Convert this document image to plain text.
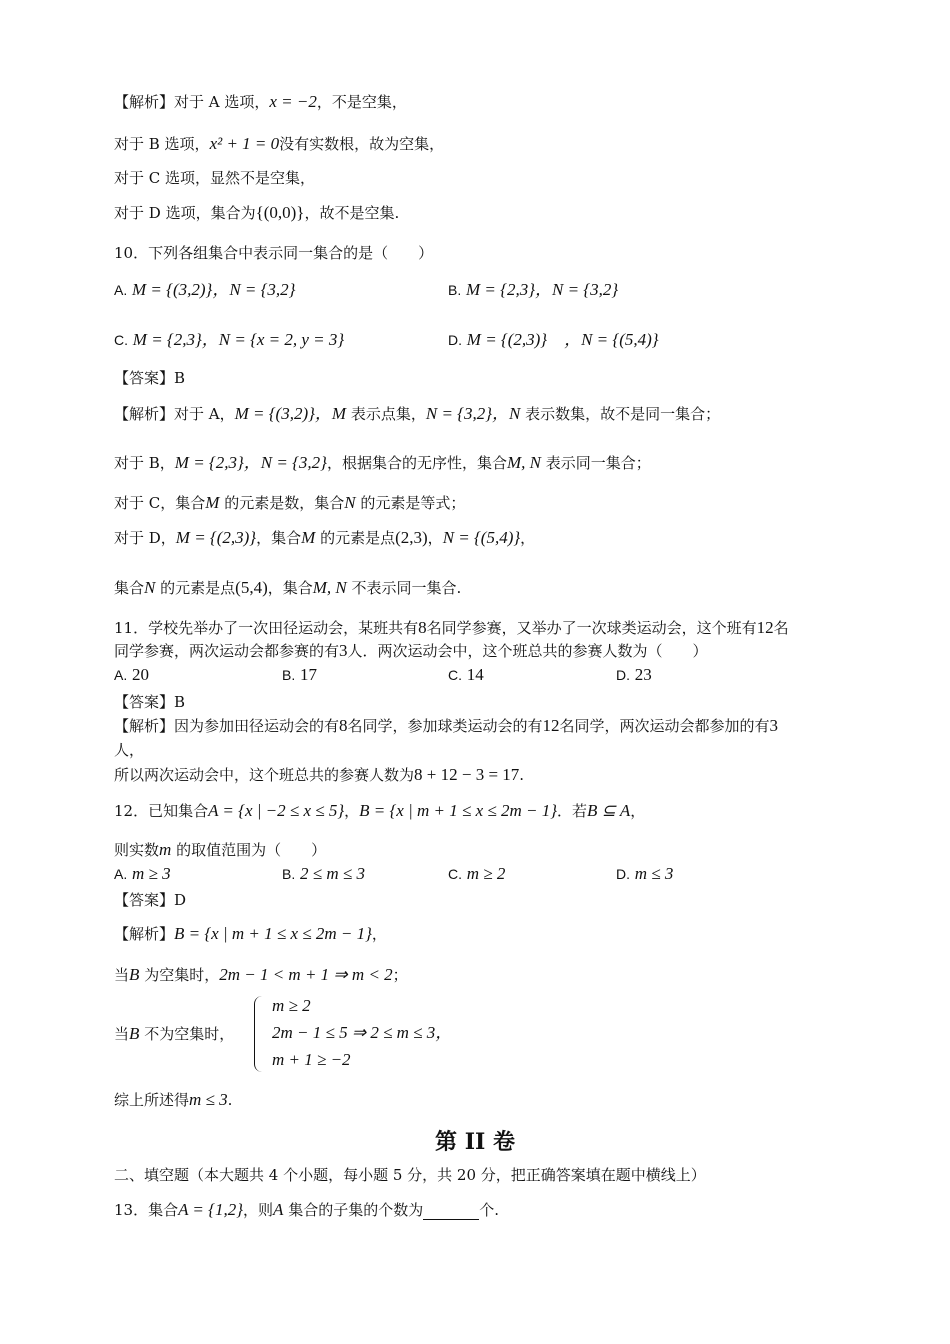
【解析】对于 A 选项，x = −2，不是空集，
对于 B 选项，x² + 1 = 0没有实数根，故为空集，
对于 C 选项，显然不是空集，
对于 D 选项，集合为{(0,0)}，故不是空集.
10．下列各组集合中表示同一集合的是（　　）
A. M = {(3,2)}，N = {3,2}	B. M = {2,3}，N = {3,2}
C. M = {2,3}，N = {x = 2, y = 3}	D. M = {(2,3)}　，N = {(5,4)}
【答案】B
【解析】对于 A，M = {(3,2)}，M 表示点集，N = {3,2}，N 表示数集，故不是同一集合；
对于 B，M = {2,3}，N = {3,2}，根据集合的无序性，集合M, N 表示同一集合；
对于 C，集合M 的元素是数，集合N 的元素是等式；
对于 D，M = {(2,3)}，集合M 的元素是点(2,3)，N = {(5,4)}，
集合N 的元素是点(5,4)，集合M, N 不表示同一集合.
11．学校先举办了一次田径运动会，某班共有8名同学参赛，又举办了一次球类运动会，这个班有12名
同学参赛，两次运动会都参赛的有3人．两次运动会中，这个班总共的参赛人数为（　　）
A. 20	B. 17	C. 14	D. 23
【答案】B
【解析】因为参加田径运动会的有8名同学，参加球类运动会的有12名同学，两次运动会都参加的有3
人，
所以两次运动会中，这个班总共的参赛人数为8 + 12 − 3 = 17.
12．已知集合A = {x | −2 ≤ x ≤ 5}，B = {x | m + 1 ≤ x ≤ 2m − 1}．若B ⊆ A，
则实数m 的取值范围为（　　）
A. m ≥ 3	B. 2 ≤ m ≤ 3	C. m ≥ 2	D. m ≤ 3
【答案】D
【解析】B = {x | m + 1 ≤ x ≤ 2m − 1}，
当B 为空集时，2m − 1 < m + 1 ⇒ m < 2；
当B 不为空集时，
m ≥ 2
2m − 1 ≤ 5 ⇒ 2 ≤ m ≤ 3，
m + 1 ≥ −2
综上所述得m ≤ 3.
第 II 卷
二、填空题（本大题共 4 个小题，每小题 5 分，共 20 分，把正确答案填在题中横线上）
13．集合A = {1,2}，则A 集合的子集的个数为	个.
